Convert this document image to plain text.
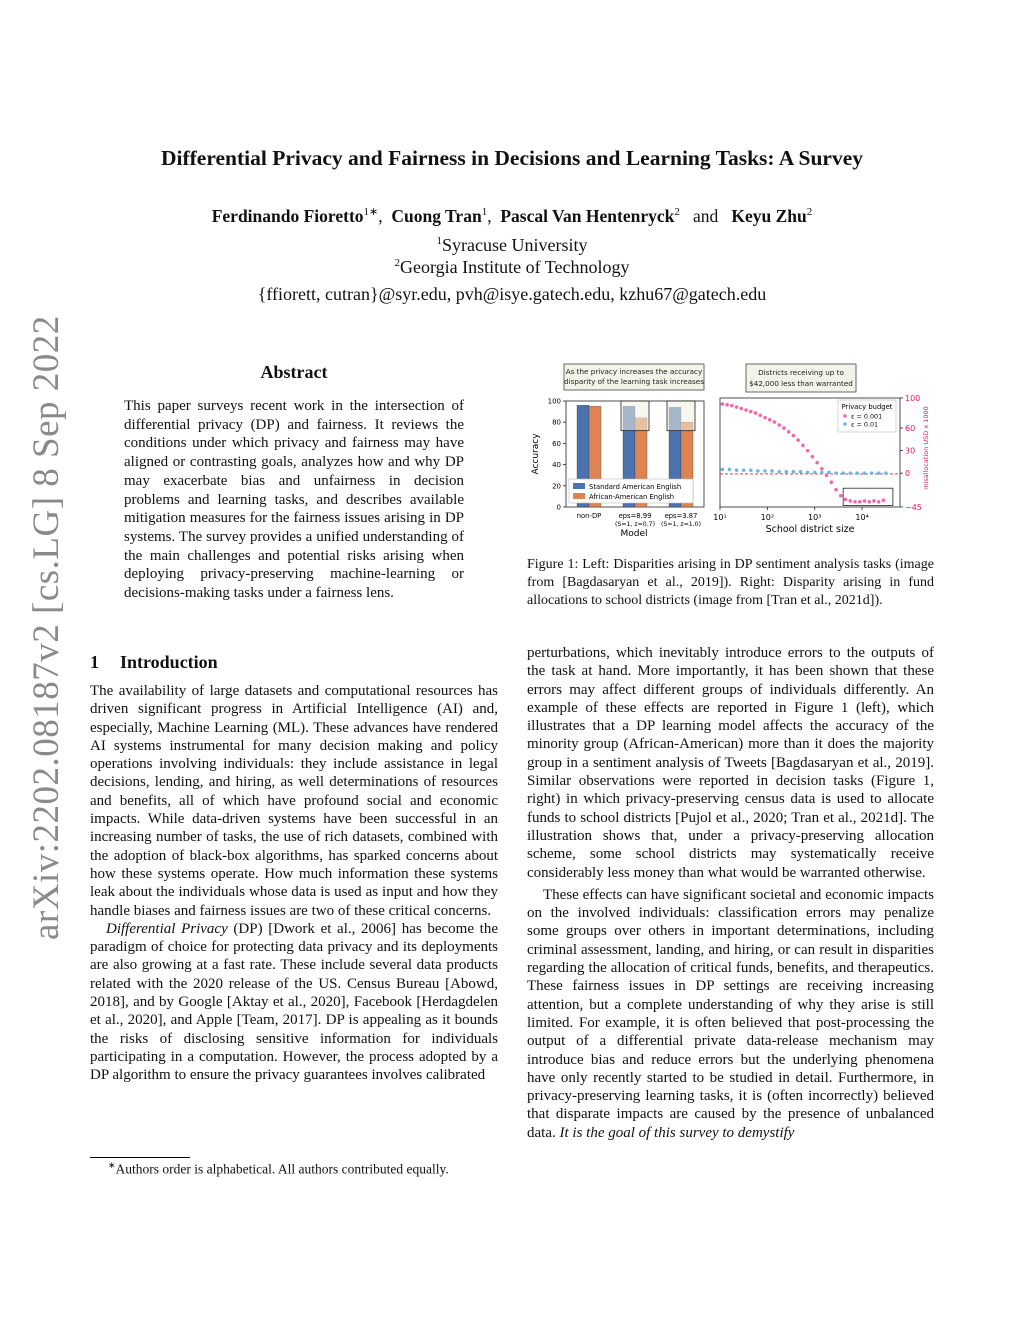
arXiv:2202.08187v2 [cs.LG] 8 Sep 2022
Differential Privacy and Fairness in Decisions and Learning Tasks: A Survey
Ferdinando Fioretto$^{1∗}$, Cuong Tran$^1$, Pascal Van Hentenryck$^2$ and Keyu Zhu$^2$
$^1$Syracuse University
$^2$Georgia Institute of Technology
{ffiorett, cutran}@syr.edu, pvh@isye.gatech.edu, kzhu67@gatech.edu
Abstract
This paper surveys recent work in the intersection of differential privacy (DP) and fairness. It reviews the conditions under which privacy and fairness may have aligned or contrasting goals, analyzes how and why DP may exacerbate bias and unfairness in decision problems and learning tasks, and describes available mitigation measures for the fairness issues arising in DP systems. The survey provides a unified understanding of the main challenges and potential risks arising when deploying privacy-preserving machine-learning or decisions-making tasks under a fairness lens.
As the privacy increases the accuracy
disparity of the learning task increases
0
20
40
60
80
100
non-DP	eps=8.99
(S=1, z=0.7)
eps=3.87
(S=1, z=1.0)
Standard American English
African-American English
Accuracy
Model
Districts receiving up to
$42,000 less than warranted
10¹	10²	10³	10⁴
100
60
30
0
−45
Privacy budget
ε = 0.001
ε = 0.01
School district size
misallocation USD x 1000
Figure 1: Left: Disparities arising in DP sentiment analysis tasks (image from [Bagdasaryan et al., 2019]). Right: Disparity arising in fund allocations to school districts (image from [Tran et al., 2021d]).
1 Introduction

The availability of large datasets and computational resources has driven significant progress in Artificial Intelligence (AI) and, especially, Machine Learning (ML). These advances have rendered AI systems instrumental for many decision making and policy operations involving individuals: they include assistance in legal decisions, lending, and hiring, as well determinations of resources and benefits, all of which have profound social and economic impacts. While data-driven systems have been successful in an increasing number of tasks, the use of rich datasets, combined with the adoption of black-box algorithms, has sparked concerns about how these systems operate. How much information these systems leak about the individuals whose data is used as input and how they handle biases and fairness issues are two of these critical concerns.

Differential Privacy (DP) [Dwork et al., 2006] has become the paradigm of choice for protecting data privacy and its deployments are also growing at a fast rate. These include several data products related with the 2020 release of the US. Census Bureau [Abowd, 2018], and by Google [Aktay et al., 2020], Facebook [Herdagdelen et al., 2020], and Apple [Team, 2017]. DP is appealing as it bounds the risks of disclosing sensitive information for individuals participating in a computation. However, the process adopted by a DP algorithm to ensure the privacy guarantees involves calibrated

perturbations, which inevitably introduce errors to the outputs of the task at hand. More importantly, it has been shown that these errors may affect different groups of individuals differently. An example of these effects are reported in Figure 1 (left), which illustrates that a DP learning model affects the accuracy of the minority group (African-American) more than it does the majority group in a sentiment analysis of Tweets [Bagdasaryan et al., 2019]. Similar observations were reported in decision tasks (Figure 1, right) in which privacy-preserving census data is used to allocate funds to school districts [Pujol et al., 2020; Tran et al., 2021d]. The illustration shows that, under a privacy-preserving allocation scheme, some school districts may systematically receive considerably less money than what would be warranted otherwise.

These effects can have significant societal and economic impacts on the involved individuals: classification errors may penalize some groups over others in important determinations, including criminal assessment, landing, and hiring, or can result in disparities regarding the allocation of critical funds, benefits, and therapeutics. These fairness issues in DP settings are receiving increasing attention, but a complete understanding of why they arise is still limited. For example, it is often believed that post-processing the output of a differential private data-release mechanism may introduce bias and reduce errors but the underlying phenomena have only recently started to be studied in detail. Furthermore, in privacy-preserving learning tasks, it is (often incorrectly) believed that disparate impacts are caused by the presence of unbalanced data. It is the goal of this survey to demystify

∗Authors order is alphabetical. All authors contributed equally.
